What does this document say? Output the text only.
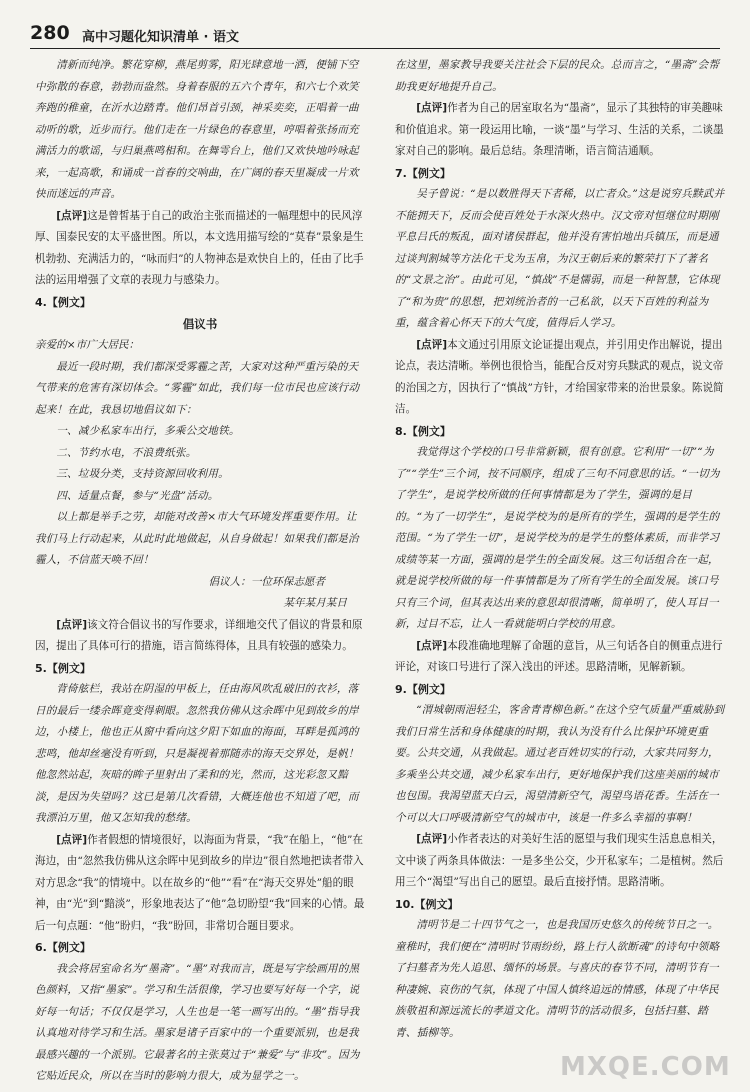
280 高中习题化知识清单 · 语文

清新而纯净。繁花穿柳，燕尾剪雾，阳光肆意地一洒，便铺下空中弥散的春意，勃勃而盎然。身着春服的五六个青年，和六七个欢笑奔跑的稚童，在沂水边踏青。他们昂首引颈，神采奕奕，正唱着一曲动听的歌，近步而行。他们走在一片绿色的春意里，哼唱着张扬而充满活力的歌谣，与归巢燕鸣相和。在舞雩台上，他们又欢快地吟咏起来，一起高歌，和诵成一首春的交响曲，在广阔的春天里凝成一片欢快而迷远的声音。

[点评]这是曾皙基于自己的政治主张而描述的一幅理想中的民风淳厚、国泰民安的太平盛世图。所以，本文选用描写绘的“莫春”景象是生机勃勃、充满活力的，“咏而归”的人物神态是欢快自上的，任由了比手法的运用增强了文章的表现力与感染力。

4.【例文】

倡议书

亲爱的×市广大居民：

最近一段时期，我们都深受雾霾之苦，大家对这种严重污染的天气带来的危害有深切体会。“雾霾”如此，我们每一位市民也应该行动起来！在此，我恳切地倡议如下：

一、减少私家车出行，多乘公交地铁。

二、节约水电，不浪费纸张。

三、垃圾分类，支持资源回收利用。

四、适量点餐，参与“光盘”活动。

以上都是举手之劳，却能对改善×市大气环境发挥重要作用。让我们马上行动起来，从此时此地做起，从自身做起！如果我们都是治霾人，不信蓝天唤不回！

倡议人：一位环保志愿者

某年某月某日

[点评]该文符合倡议书的写作要求，详细地交代了倡议的背景和原因，提出了具体可行的措施，语言简练得体，且具有较强的感染力。

5.【例文】

背倚舷栏，我站在阴湿的甲板上，任由海风吹乱破旧的衣衫，落日的最后一缕余晖竟变得刺眼。忽然我仿佛从这余晖中见到故乡的岸边，小楼上，他也正从窗中看向这夕阳下如血的海面，耳畔是孤鸿的悲鸣，他却丝毫没有听到，只是凝视着那随赤的海天交界处，是帆！他忽然站起，灰暗的眸子里射出了柔和的光，然而，这光彩忽又黯淡，是因为失望吗？这已是第几次看错，大概连他也不知道了吧，而我漂泊万里，他又怎知我的愁绪。

[点评]作者假想的情境很好，以海面为背景，“我”在船上，“他”在海边，由“忽然我仿佛从这余晖中见到故乡的岸边”很自然地把读者带入对方思念“我”的情境中。以在故乡的“他”“看”在“海天交界处”船的眼神，由“光”到“黯淡”，形象地表达了“他”急切盼望“我”回来的心情。最后一句点题：“他”盼归，“我”盼回，非常切合题目要求。

6.【例文】

我会将居室命名为“墨斋”。“墨”对我而言，既是写字绘画用的黑色颜料，又指“墨家”。学习和生活很像，学习也要写好每一个字，说好每一句话；不仅仅是学习，人生也是一笔一画写出的。“墨”指导我认真地对待学习和生活。墨家是诸子百家中的一个重要派别，也是我最感兴趣的一个派别。它最著名的主张莫过于“兼爱”与“非攻”。因为它贴近民众，所以在当时的影响力很大，成为显学之一。

在这里，墨家教导我要关注社会下层的民众。总而言之，“墨斋”会帮助我更好地提升自己。

[点评]作者为自己的居室取名为“墨斋”，显示了其独特的审美趣味和价值追求。第一段运用比喻，一谈“墨”与学习、生活的关系，二谈墨家对自己的影响。最后总结。条理清晰，语言简洁通顺。

7.【例文】

吴子曾说：“是以数胜得天下者稀，以亡者众。”这是说穷兵黩武并不能拥天下，反而会使百姓处于水深火热中。汉文帝对恒继位时期刚平息吕氏的叛乱，面对诸侯群起，他并没有害怕地出兵镇压，而是通过谈判割城等方法化干戈为玉帛，为汉王朝后来的繁荣打下了著名的“文景之治”。由此可见，“慎战”不是懦弱，而是一种智慧，它体现了“和为贵”的思想，把刘统治者的一己私欲，以天下百姓的利益为重，蕴含着心怀天下的大气度，值得后人学习。

[点评]本文通过引用原文论证提出观点，并引用史作出解说，提出论点，表达清晰。举例也很恰当，能配合反对穷兵黩武的观点，说文帝的治国之方，因执行了“慎战”方针，才给国家带来的治世景象。陈说简洁。

8.【例文】

我觉得这个学校的口号非常新颖，很有创意。它利用“一切”“为了”“学生”三个词，按不同顺序，组成了三句不同意思的话。“一切为了学生”，是说学校所做的任何事情都是为了学生，强调的是目的。“为了一切学生”，是说学校为的是所有的学生，强调的是学生的范围。“为了学生一切”，是说学校为的是学生的整体素质，而非学习成绩等某一方面，强调的是学生的全面发展。这三句话组合在一起，就是说学校所做的每一件事情都是为了所有学生的全面发展。该口号只有三个词，但其表达出来的意思却很清晰，简单明了，使人耳目一新，过目不忘，让人一看就能明白学校的用意。

[点评]本段准确地理解了命题的意旨，从三句话各自的侧重点进行评论，对该口号进行了深入浅出的评述。思路清晰，见解新颖。

9.【例文】

“渭城朝雨浥轻尘，客舍青青柳色新。”在这个空气质量严重威胁到我们日常生活和身体健康的时期，我认为没有什么比保护环境更重要。公共交通，从我做起。通过老百姓切实的行动，大家共同努力，多乘坐公共交通，减少私家车出行，更好地保护我们这座美丽的城市也包围。我渴望蓝天白云，渴望清新空气，渴望鸟语花香。生活在一个可以大口呼吸清新空气的城市中，该是一件多么幸福的事啊！

[点评]小作者表达的对美好生活的愿望与我们现实生活息息相关，文中谈了两条具体做法：一是多坐公交，少开私家车；二是植树。然后用三个“渴望”写出自己的愿望。最后直接抒情。思路清晰。

10.【例文】

清明节是二十四节气之一，也是我国历史悠久的传统节日之一。童稚时，我们便在“清明时节雨纷纷，路上行人欲断魂”的诗句中领略了扫墓者为先人追思、缅怀的场景。与喜庆的春节不同，清明节有一种凄婉、哀伤的气氛，体现了中国人慎终追远的情感，体现了中华民族敬祖和源远流长的孝道文化。清明节的活动很多，包括扫墓、踏青、插柳等。

MXQE.COM
